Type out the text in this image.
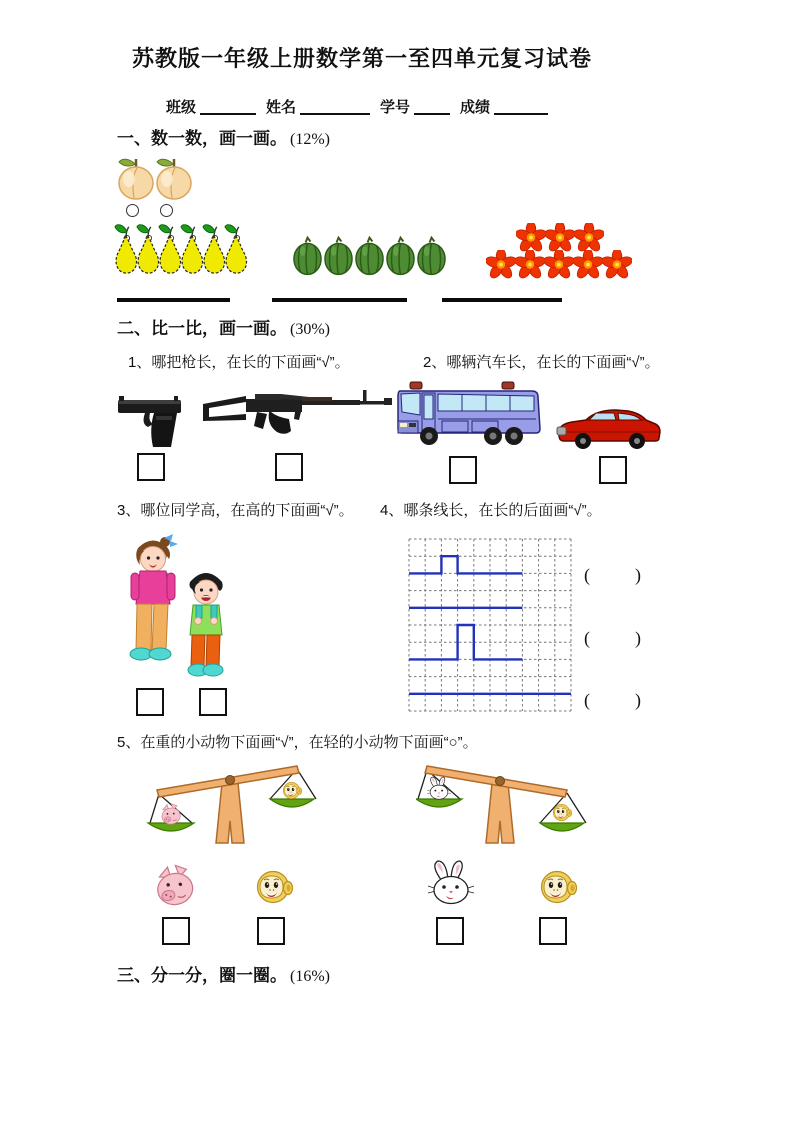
苏教版一年级上册数学第一至四单元复习试卷
班级	姓名	学号	成绩
一、数一数，画一画。 (12%)
二、比一比，画一画。 (30%)
1、哪把枪长，在长的下面画“√”。	2、哪辆汽车长，在长的下面画“√”。
3、哪位同学高，在高的下面画“√”。 4、哪条线长，在长的后面画“√”。
(        )
(        )
(        )
5、在重的小动物下面画“√”，在轻的小动物下面画“○”。
三、分一分，圈一圈。 (16%)
